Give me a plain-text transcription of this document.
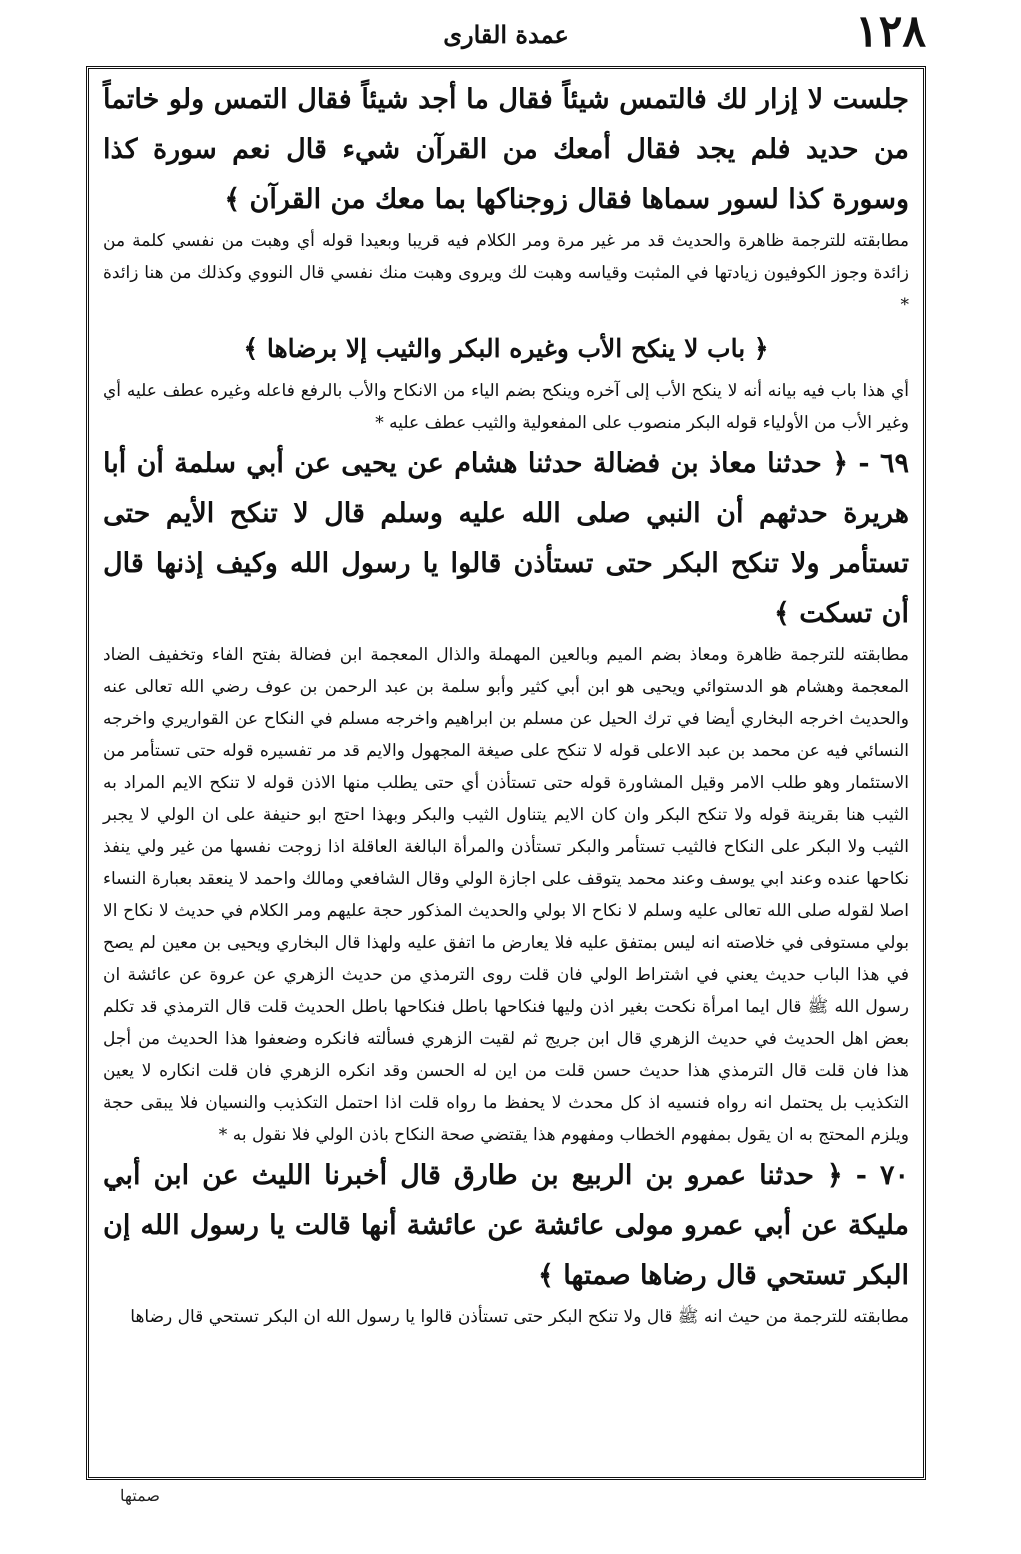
١٢٨
عمدة القاری

جلست لا إزار لك فالتمس شيئاً فقال ما أجد شيئاً فقال التمس ولو خاتماً من حديد فلم يجد فقال أمعك من القرآن شيء قال نعم سورة كذا وسورة كذا لسور سماها فقال زوجناكها بما معك من القرآن ﴾

مطابقته للترجمة ظاهرة والحديث قد مر غير مرة ومر الكلام فيه قريبا وبعيدا قوله أي وهبت من نفسي كلمة من زائدة وجوز الكوفيون زيادتها في المثبت وقياسه وهبت لك ويروى وهبت منك نفسي قال النووي وكذلك من هنا زائدة *

﴿ باب لا ينكح الأب وغيره البكر والثيب إلا برضاها ﴾

أي هذا باب فيه بيانه أنه لا ينكح الأب إلى آخره وينكح بضم الياء من الانكاح والأب بالرفع فاعله وغيره عطف عليه أي وغير الأب من الأولياء قوله البكر منصوب على المفعولية والثيب عطف عليه *

٦٩ - ﴿ حدثنا معاذ بن فضالة حدثنا هشام عن يحيى عن أبي سلمة أن أبا هريرة حدثهم أن النبي صلى الله عليه وسلم قال لا تنكح الأيم حتى تستأمر ولا تنكح البكر حتى تستأذن قالوا يا رسول الله وكيف إذنها قال أن تسكت ﴾

مطابقته للترجمة ظاهرة ومعاذ بضم الميم وبالعين المهملة والذال المعجمة ابن فضالة بفتح الفاء وتخفيف الضاد المعجمة وهشام هو الدستوائي ويحيى هو ابن أبي كثير وأبو سلمة بن عبد الرحمن بن عوف رضي الله تعالى عنه والحديث اخرجه البخاري أيضا في ترك الحيل عن مسلم بن ابراهيم واخرجه مسلم في النكاح عن القواريري واخرجه النسائي فيه عن محمد بن عبد الاعلى قوله لا تنكح على صيغة المجهول والايم قد مر تفسيره قوله حتى تستأمر من الاستئمار وهو طلب الامر وقيل المشاورة قوله حتى تستأذن أي حتى يطلب منها الاذن قوله لا تنكح الايم المراد به الثيب هنا بقرينة قوله ولا تنكح البكر وان كان الايم يتناول الثيب والبكر وبهذا احتج ابو حنيفة على ان الولي لا يجبر الثيب ولا البكر على النكاح فالثيب تستأمر والبكر تستأذن والمرأة البالغة العاقلة اذا زوجت نفسها من غير ولي ينفذ نكاحها عنده وعند ابي يوسف وعند محمد يتوقف على اجازة الولي وقال الشافعي ومالك واحمد لا ينعقد بعبارة النساء اصلا لقوله صلى الله تعالى عليه وسلم لا نكاح الا بولي والحديث المذكور حجة عليهم ومر الكلام في حديث لا نكاح الا بولي مستوفى في خلاصته انه ليس بمتفق عليه فلا يعارض ما اتفق عليه ولهذا قال البخاري ويحيى بن معين لم يصح في هذا الباب حديث يعني في اشتراط الولي فان قلت روى الترمذي من حديث الزهري عن عروة عن عائشة ان رسول الله ﷺ قال ايما امرأة نكحت بغير اذن وليها فنكاحها باطل فنكاحها باطل الحديث قلت قال الترمذي قد تكلم بعض اهل الحديث في حديث الزهري قال ابن جريج ثم لقيت الزهري فسألته فانكره وضعفوا هذا الحديث من أجل هذا فان قلت قال الترمذي هذا حديث حسن قلت من اين له الحسن وقد انكره الزهري فان قلت انكاره لا يعين التكذيب بل يحتمل انه رواه فنسيه اذ كل محدث لا يحفظ ما رواه قلت اذا احتمل التكذيب والنسيان فلا يبقى حجة ويلزم المحتج به ان يقول بمفهوم الخطاب ومفهوم هذا يقتضي صحة النكاح باذن الولي فلا نقول به *

٧٠ - ﴿ حدثنا عمرو بن الربيع بن طارق قال أخبرنا الليث عن ابن أبي مليكة عن أبي عمرو مولى عائشة عن عائشة أنها قالت يا رسول الله إن البكر تستحي قال رضاها صمتها ﴾

مطابقته للترجمة من حيث انه ﷺ قال ولا تنكح البكر حتى تستأذن قالوا يا رسول الله ان البكر تستحي قال رضاها

صمتها
